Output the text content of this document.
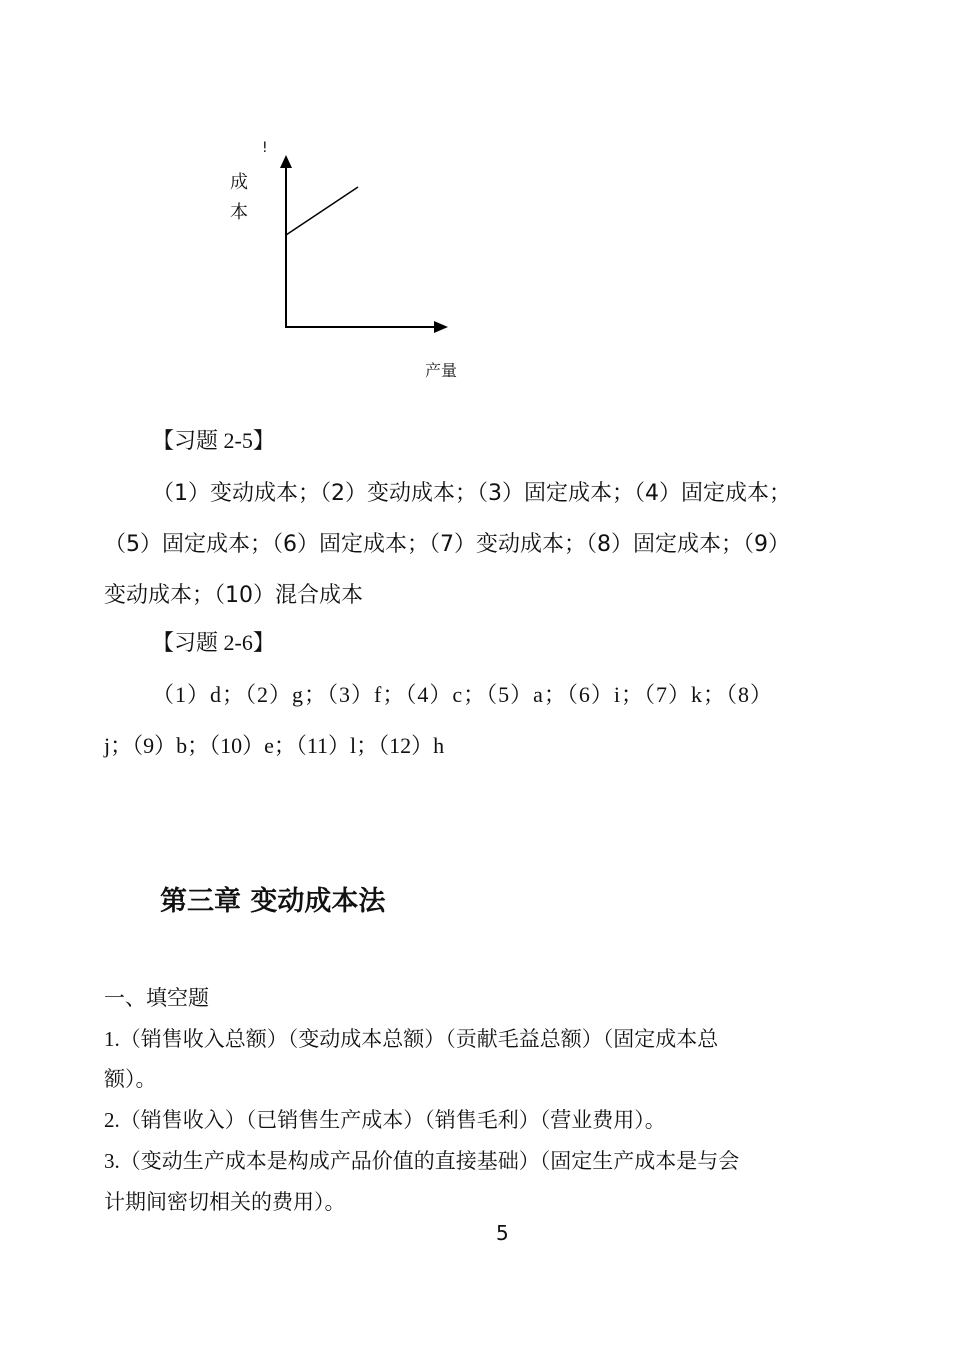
!
成
本
产量
【习题 2-5】
（1）变动成本；（2）变动成本；（3）固定成本；（4）固定成本；
（5）固定成本；（6）固定成本；（7）变动成本；（8）固定成本；（9）
变动成本；（10）混合成本
【习题 2-6】
（1）d；（2）g；（3）f；（4）c；（5）a；（6）i；（7）k；（8）
j；（9）b；（10）e；（11）l；（12）h
第三章 变动成本法
一、填空题
1.（销售收入总额）（变动成本总额）（贡献毛益总额）（固定成本总
额）。
2.（销售收入）（已销售生产成本）（销售毛利）（营业费用）。
3.（变动生产成本是构成产品价值的直接基础）（固定生产成本是与会
计期间密切相关的费用）。
5
